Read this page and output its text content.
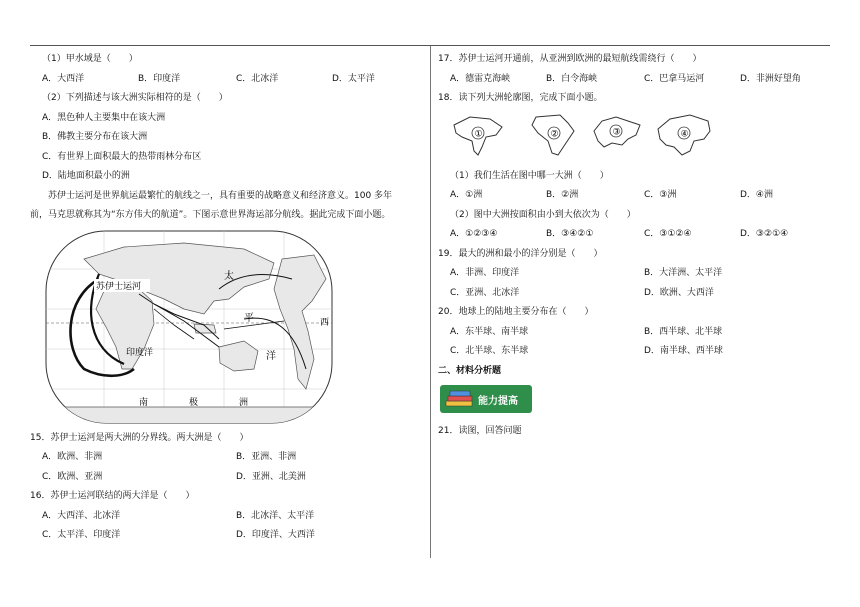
（1）甲水域是（　　）
A．大西洋	B．印度洋	C．北冰洋	D．太平洋
（2）下列描述与该大洲实际相符的是（　　）
A．黑色种人主要集中在该大洲
B．佛教主要分布在该大洲
C．有世界上面积最大的热带雨林分布区
D．陆地面积最小的洲
苏伊士运河是世界航运最繁忙的航线之一，具有重要的战略意义和经济意义。100 多年前，马克思就称其为“东方伟大的航道”。下图示意世界海运部分航线。据此完成下面小题。
苏伊士运河
太
平
洋
印度洋
南	极	洲
西
15．苏伊士运河是两大洲的分界线。两大洲是（　　）
A．欧洲、非洲	B．亚洲、非洲
C．欧洲、亚洲	D．亚洲、北美洲
16．苏伊士运河联结的两大洋是（　　）
A．大西洋、北冰洋	B．北冰洋、太平洋
C．太平洋、印度洋	D．印度洋、大西洋
17．苏伊士运河开通前，从亚洲到欧洲的最短航线需绕行（　　）
A．德雷克海峡	B．白令海峡	C．巴拿马运河	D．非洲好望角
18．读下列大洲轮廓图，完成下面小题。
①	②	③	④
（1）我们生活在图中哪一大洲（　　）
A．①洲	B．②洲	C．③洲	D．④洲
（2）图中大洲按面积由小到大依次为（　　）
A．①②③④	B．③④②①	C．③①②④	D．③②①④
19．最大的洲和最小的洋分别是（　　）
A．非洲、印度洋	B．大洋洲、太平洋
C．亚洲、北冰洋	D．欧洲、大西洋
20．地球上的陆地主要分布在（　　）
A．东半球、南半球	B．西半球、北半球
C．北半球、东半球	D．南半球、西半球
二、材料分析题
能力提高
21．读图，回答问题
